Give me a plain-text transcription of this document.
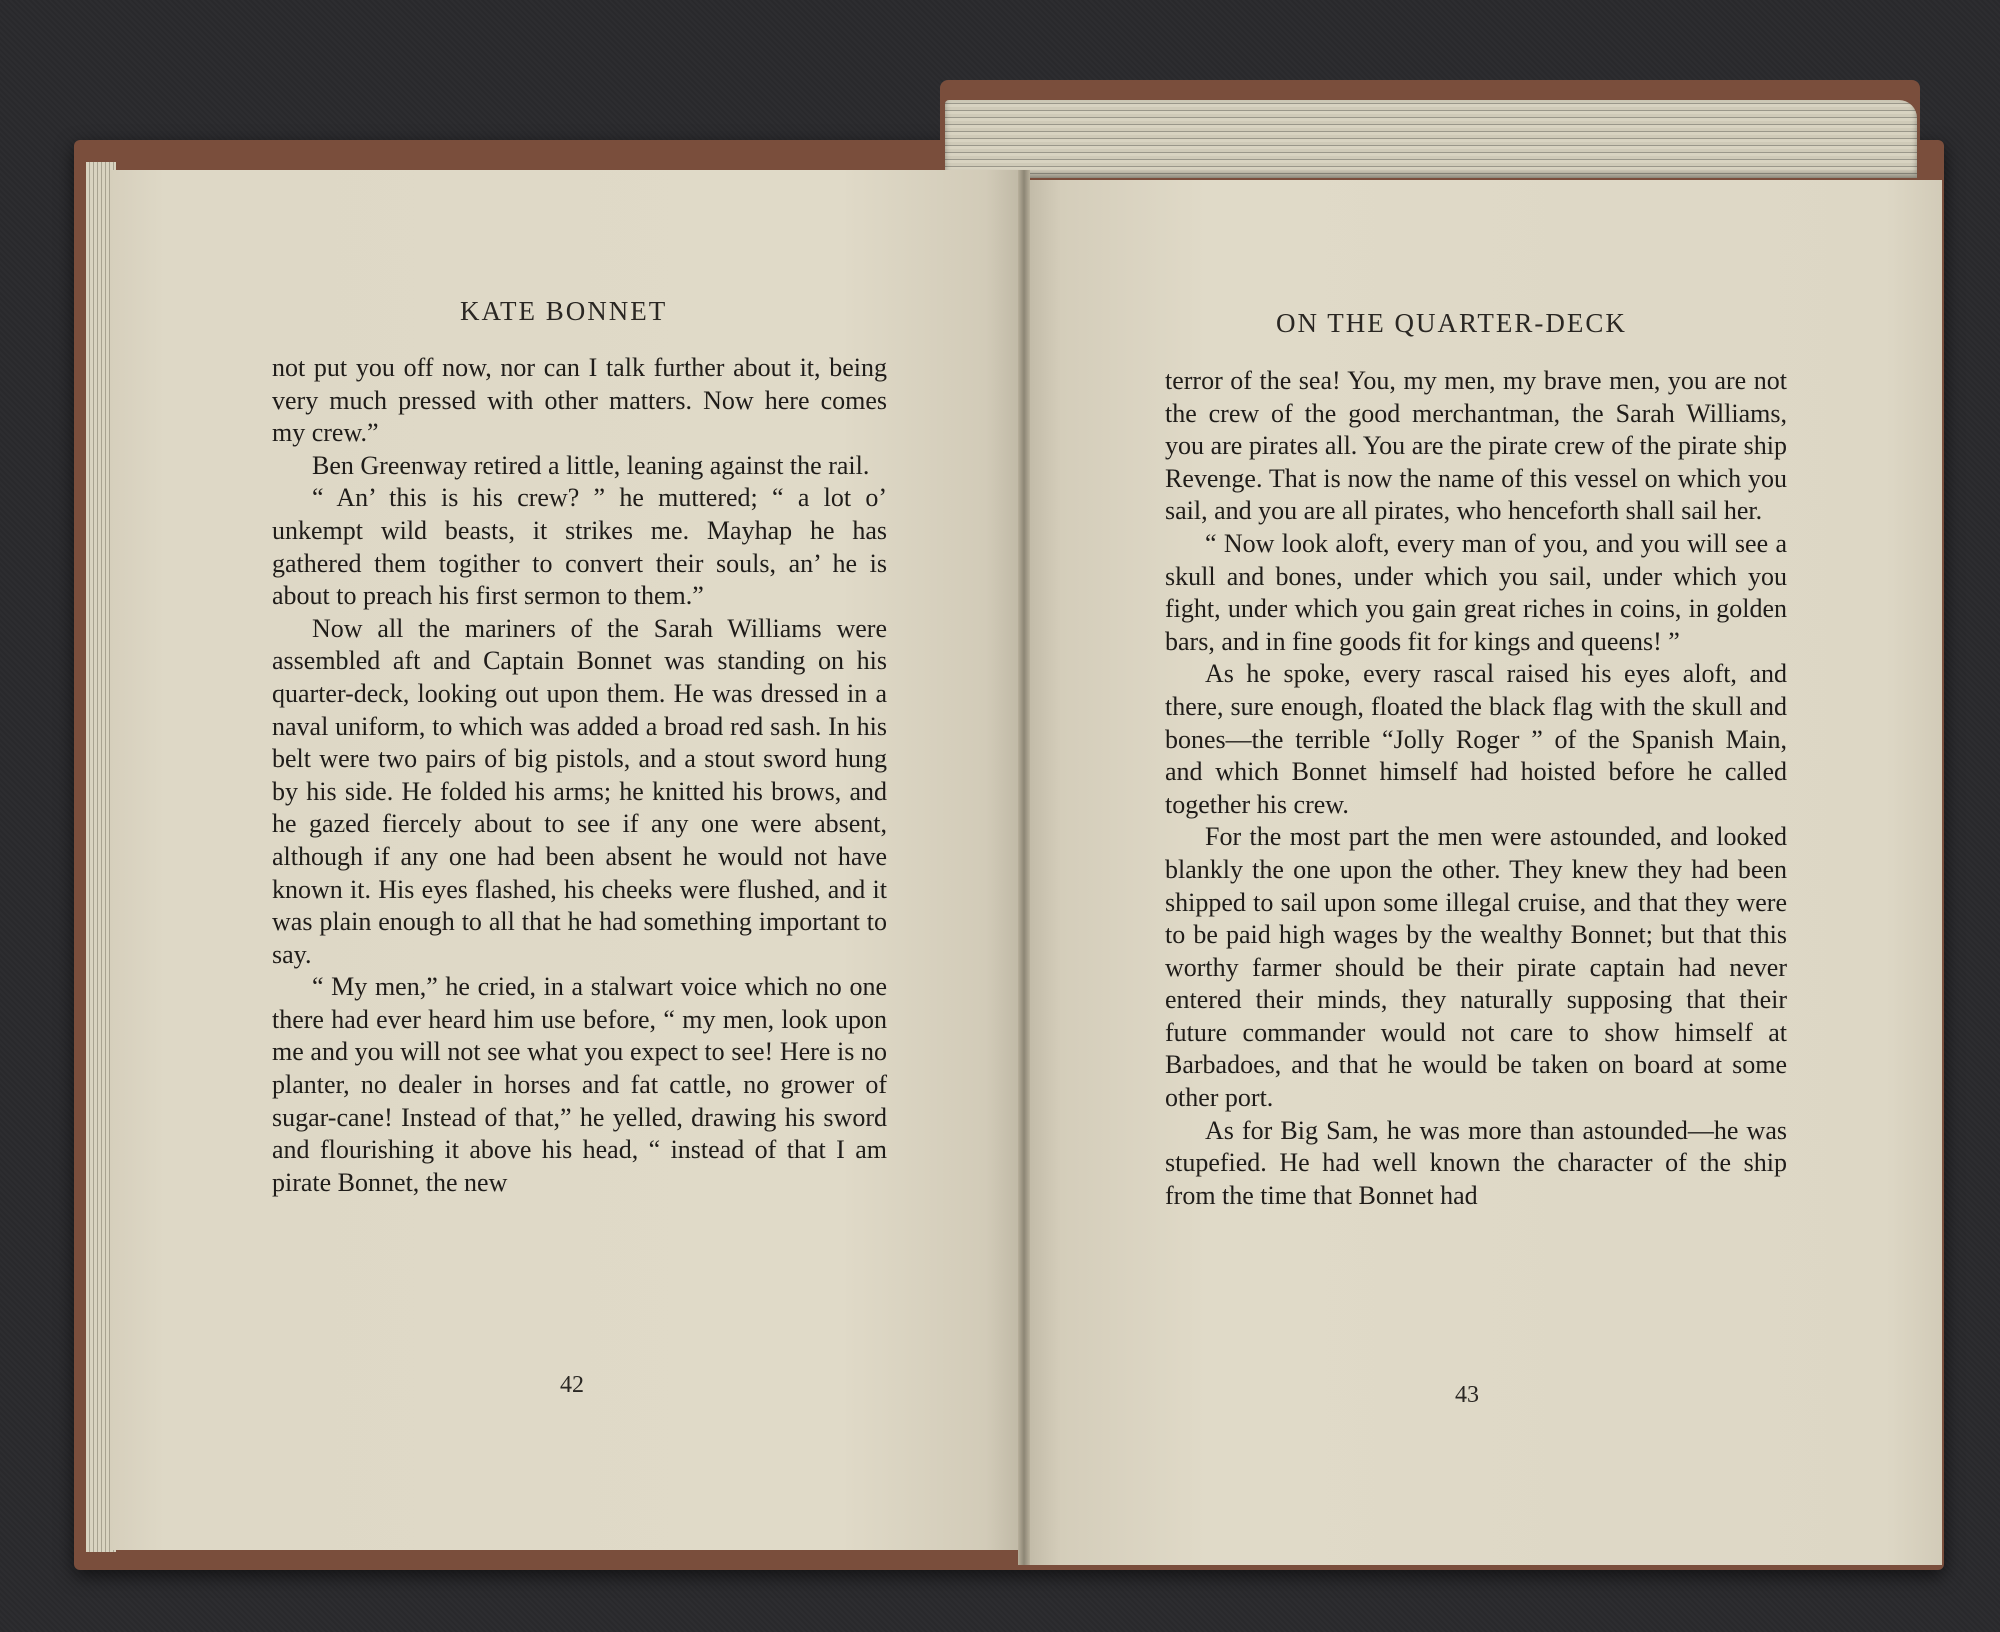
KATE BONNET

not put you off now, nor can I talk further about it, being very much pressed with other matters. Now here comes my crew.”

Ben Greenway retired a little, leaning against the rail.

“ An’ this is his crew? ” he muttered; “ a lot o’ unkempt wild beasts, it strikes me. Mayhap he has gathered them togither to convert their souls, an’ he is about to preach his first sermon to them.”

Now all the mariners of the Sarah Williams were assembled aft and Captain Bonnet was standing on his quarter-deck, looking out upon them. He was dressed in a naval uniform, to which was added a broad red sash. In his belt were two pairs of big pistols, and a stout sword hung by his side. He folded his arms; he knitted his brows, and he gazed fiercely about to see if any one were absent, although if any one had been absent he would not have known it. His eyes flashed, his cheeks were flushed, and it was plain enough to all that he had something important to say.

“ My men,” he cried, in a stalwart voice which no one there had ever heard him use before, “ my men, look upon me and you will not see what you expect to see! Here is no planter, no dealer in horses and fat cattle, no grower of sugar-cane! Instead of that,” he yelled, drawing his sword and flourishing it above his head, “ instead of that I am pirate Bonnet, the new

42
ON THE QUARTER-DECK

terror of the sea! You, my men, my brave men, you are not the crew of the good merchantman, the Sarah Williams, you are pirates all. You are the pirate crew of the pirate ship Revenge. That is now the name of this vessel on which you sail, and you are all pirates, who henceforth shall sail her.

“ Now look aloft, every man of you, and you will see a skull and bones, under which you sail, under which you fight, under which you gain great riches in coins, in golden bars, and in fine goods fit for kings and queens! ”

As he spoke, every rascal raised his eyes aloft, and there, sure enough, floated the black flag with the skull and bones—the terrible “Jolly Roger ” of the Spanish Main, and which Bonnet himself had hoisted before he called together his crew.

For the most part the men were astounded, and looked blankly the one upon the other. They knew they had been shipped to sail upon some illegal cruise, and that they were to be paid high wages by the wealthy Bonnet; but that this worthy farmer should be their pirate captain had never entered their minds, they naturally supposing that their future commander would not care to show himself at Barbadoes, and that he would be taken on board at some other port.

As for Big Sam, he was more than astounded—he was stupefied. He had well known the character of the ship from the time that Bonnet had

43
